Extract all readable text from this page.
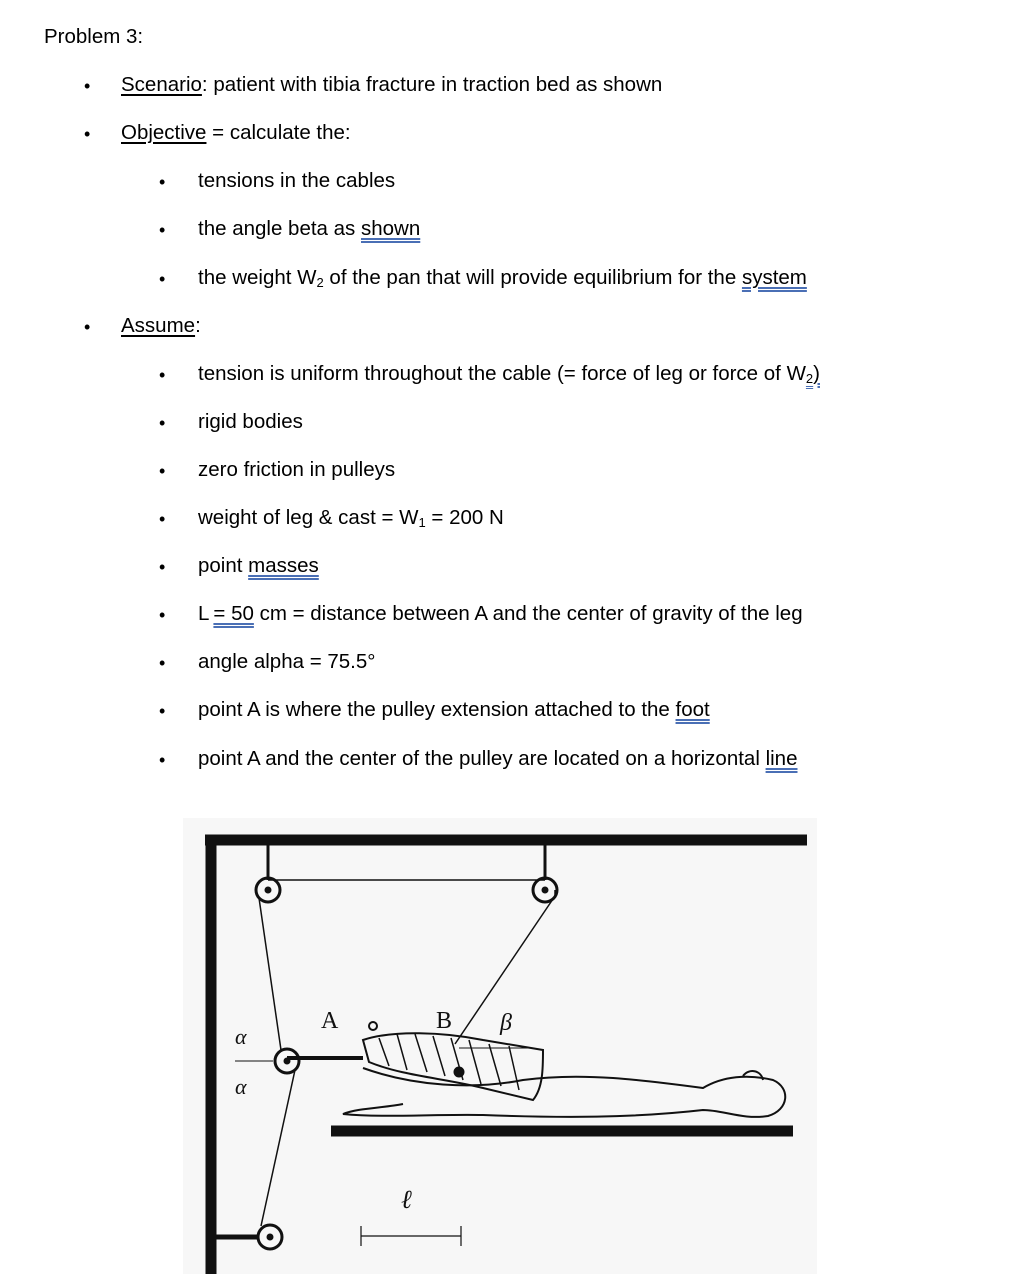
Problem 3:
• Scenario: patient with tibia fracture in traction bed as shown
• Objective = calculate the:
• tensions in the cables
• the angle beta as shown
• the weight $W_2$ of the pan that will provide equilibrium for the system
• Assume:
• tension is uniform throughout the cable (= force of leg or force of $W_2$)
• rigid bodies
• zero friction in pulleys
• weight of leg & cast = $W_1 = 200$ N
• point masses
• L = 50 cm = distance between A and the center of gravity of the leg
• angle alpha = 75.5°
• point A is where the pulley extension attached to the foot
• point A and the center of the pulley are located on a horizontal line
A	B β
α
α
ℓ
